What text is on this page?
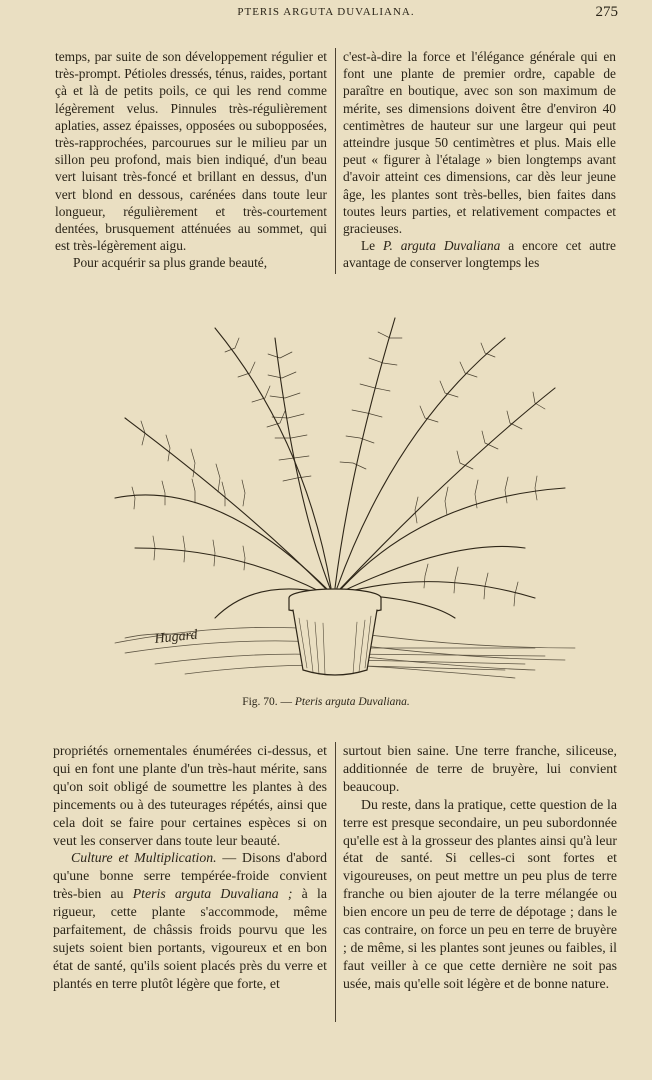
PTERIS ARGUTA DUVALIANA.	275

temps, par suite de son développement régulier et très-prompt. Pétioles dressés, ténus, raides, portant çà et là de petits poils, ce qui les rend comme légèrement velus. Pinnules très-régulièrement aplaties, assez épaisses, opposées ou subopposées, très-rapprochées, parcourues sur le milieu par un sillon peu profond, mais bien indiqué, d'un beau vert luisant très-foncé et brillant en dessus, d'un vert blond en dessous, carénées dans toute leur longueur, régulièrement et très-courtement dentées, brusquement atténuées au sommet, qui est très-légèrement aigu.

Pour acquérir sa plus grande beauté,

c'est-à-dire la force et l'élégance générale qui en font une plante de premier ordre, capable de paraître en boutique, avec son son maximum de mérite, ses dimensions doivent être d'environ 40 centimètres de hauteur sur une largeur qui peut atteindre jusque 50 centimètres et plus. Mais elle peut « figurer à l'étalage » bien longtemps avant d'avoir atteint ces dimensions, car dès leur jeune âge, les plantes sont très-belles, bien faites dans toutes leurs parties, et relativement compactes et gracieuses.

Le P. arguta Duvaliana a encore cet autre avantage de conserver longtemps les

Hugard
Fig. 70. — Pteris arguta Duvaliana.

propriétés ornementales énumérées ci-dessus, et qui en font une plante d'un très-haut mérite, sans qu'on soit obligé de soumettre les plantes à des pincements ou à des tuteurages répétés, ainsi que cela doit se faire pour certaines espèces si on veut les conserver dans toute leur beauté.

Culture et Multiplication. — Disons d'abord qu'une bonne serre tempérée-froide convient très-bien au Pteris arguta Duvaliana ; à la rigueur, cette plante s'accommode, même parfaitement, de châssis froids pourvu que les sujets soient bien portants, vigoureux et en bon état de santé, qu'ils soient placés près du verre et plantés en terre plutôt légère que forte, et

surtout bien saine. Une terre franche, siliceuse, additionnée de terre de bruyère, lui convient beaucoup.

Du reste, dans la pratique, cette question de la terre est presque secondaire, un peu subordonnée qu'elle est à la grosseur des plantes ainsi qu'à leur état de santé. Si celles-ci sont fortes et vigoureuses, on peut mettre un peu plus de terre franche ou bien ajouter de la terre mélangée ou bien encore un peu de terre de dépotage ; dans le cas contraire, on force un peu en terre de bruyère ; de même, si les plantes sont jeunes ou faibles, il faut veiller à ce que cette dernière ne soit pas usée, mais qu'elle soit légère et de bonne nature.
